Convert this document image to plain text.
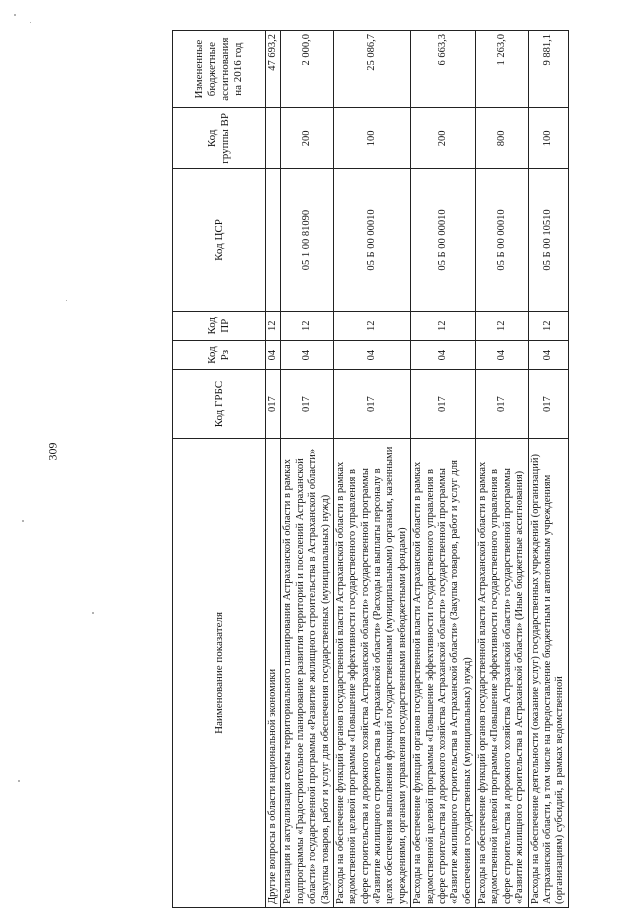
309
Наименование показателя	Код ГРБС	Код Рз	Код ПР	Код ЦСР	Код группы ВР	Измененные бюджетные ассигнования на 2016 год
Другие вопросы в области национальной экономики	017	04	12			47 693,2
Реализация и актуализация схемы территориального планирования Астраханской области в рамках подпрограммы «Градостроительное планирование развития территорий и поселений Астраханской области» государственной программы «Развитие жилищного строительства в Астраханской области» (Закупка товаров, работ и услуг для обеспечения государственных (муниципальных) нужд)	017	04	12	05 1 00 81090	200	2 000,0
Расходы на обеспечение функций органов государственной власти Астраханской области в рамках ведомственной целевой программы «Повышение эффективности государственного управления в сфере строительства и дорожного хозяйства Астраханской области» государственной программы «Развитие жилищного строительства в Астраханской области» (Расходы на выплаты персоналу в целях обеспечения выполнения функций государственными (муниципальными) органами, казенными учреждениями, органами управления государственными внебюджетными фондами)	017	04	12	05 Б 00 00010	100	25 086,7
Расходы на обеспечение функций органов государственной власти Астраханской области в рамках ведомственной целевой программы «Повышение эффективности государственного управления в сфере строительства и дорожного хозяйства Астраханской области» государственной программы «Развитие жилищного строительства в Астраханской области» (Закупка товаров, работ и услуг для обеспечения государственных (муниципальных) нужд)	017	04	12	05 Б 00 00010	200	6 663,3
Расходы на обеспечение функций органов государственной власти Астраханской области в рамках ведомственной целевой программы «Повышение эффективности государственного управления в сфере строительства и дорожного хозяйства Астраханской области» государственной программы «Развитие жилищного строительства в Астраханской области» (Иные бюджетные ассигнования)	017	04	12	05 Б 00 00010	800	1 263,0
Расходы на обеспечение деятельности (оказание услуг) государственных учреждений (организаций) Астраханской области, в том числе на предоставление бюджетным и автономным учреждениям (организациям) субсидий, в рамках ведомственной	017	04	12	05 Б 00 10510	100	9 881,1
